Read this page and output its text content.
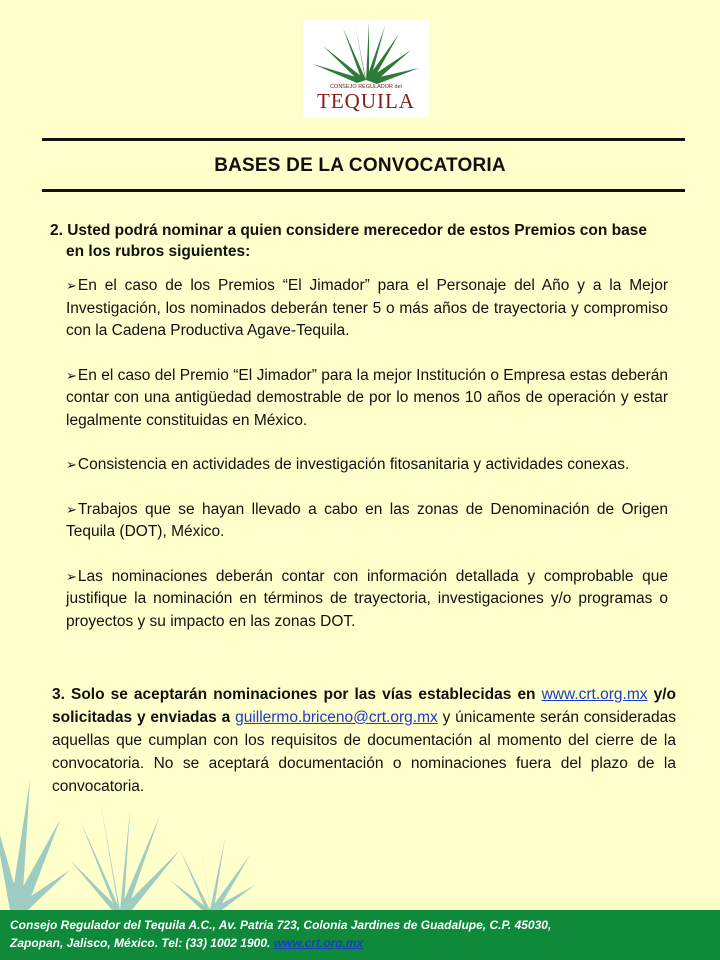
CONSEJO REGULADOR del
TEQUILA
BASES DE LA CONVOCATORIA
2. Usted podrá nominar a quien considere merecedor de estos Premios con base
en los rubros siguientes:

➢En el caso de los Premios “El Jimador” para el Personaje del Año y a la Mejor Investigación, los nominados deberán tener 5 o más años de trayectoria y compromiso con la Cadena Productiva Agave-Tequila.

➢En el caso del Premio “El Jimador” para la mejor Institución o Empresa estas deberán contar con una antigüedad demostrable de por lo menos 10 años de operación y estar legalmente constituidas en México.

➢Consistencia en actividades de investigación fitosanitaria y actividades conexas.

➢Trabajos que se hayan llevado a cabo en las zonas de Denominación de Origen Tequila (DOT), México.

➢Las nominaciones deberán contar con información detallada y comprobable que justifique la nominación en términos de trayectoria, investigaciones y/o programas o proyectos y su impacto en las zonas DOT.

3. Solo se aceptarán nominaciones por las vías establecidas en www.crt.org.mx y/o solicitadas y enviadas a guillermo.briceno@crt.org.mx y únicamente serán consideradas aquellas que cumplan con los requisitos de documentación al momento del cierre de la convocatoria. No se aceptará documentación o nominaciones fuera del plazo de la convocatoria.
Consejo Regulador del Tequila A.C., Av. Patria 723, Colonia Jardines de Guadalupe, C.P. 45030,
Zapopan, Jalisco, México. Tel: (33) 1002 1900. www.crt.org.mx
